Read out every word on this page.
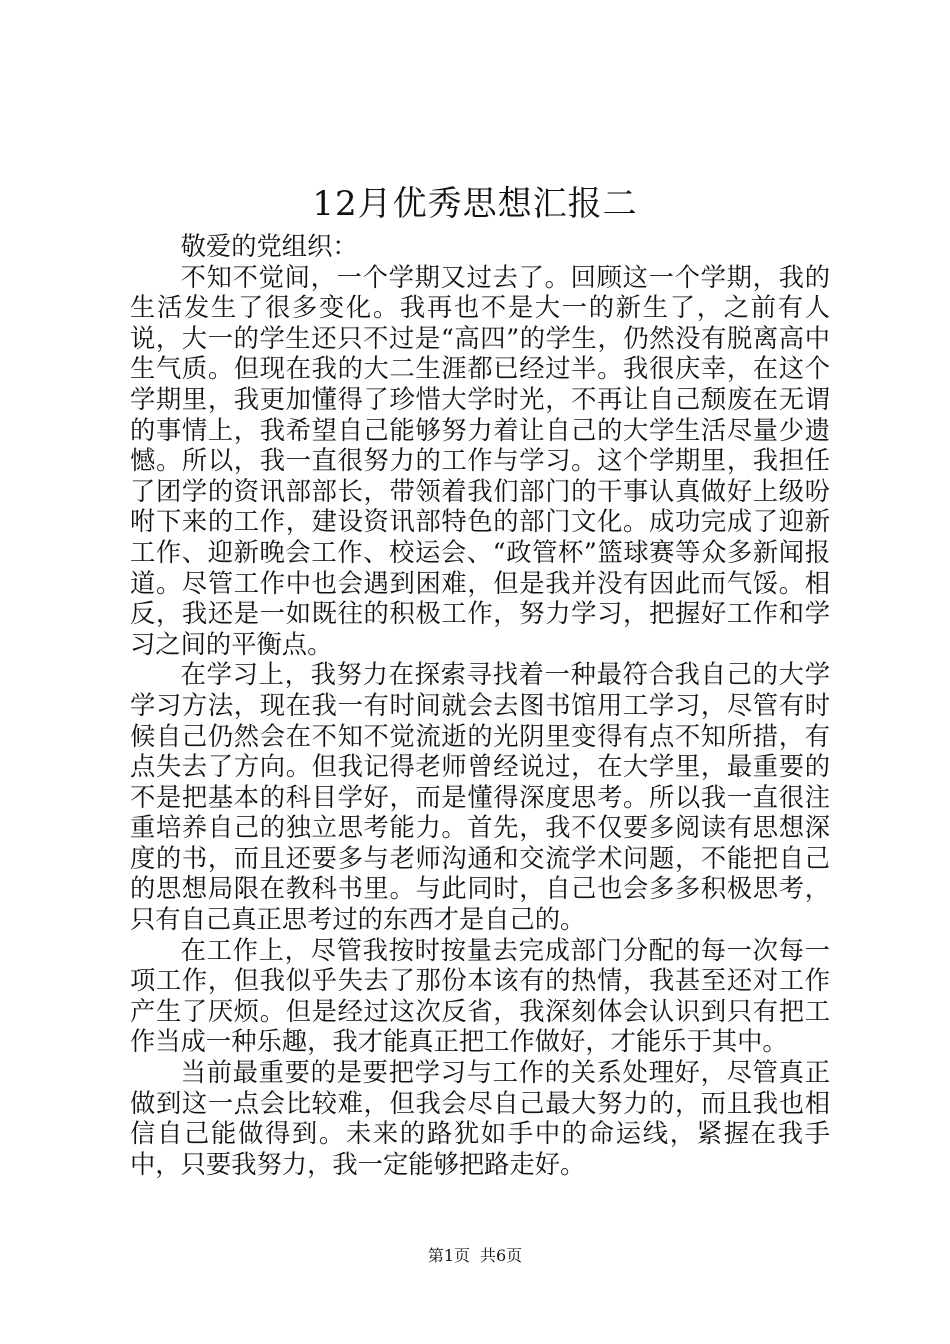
12月优秀思想汇报二

敬爱的党组织：

不知不觉间，一个学期又过去了。回顾这一个学期，我的生活发生了很多变化。我再也不是大一的新生了，之前有人说，大一的学生还只不过是“高四”的学生，仍然没有脱离高中生气质。但现在我的大二生涯都已经过半。我很庆幸，在这个学期里，我更加懂得了珍惜大学时光，不再让自己颓废在无谓的事情上，我希望自己能够努力着让自己的大学生活尽量少遗憾。所以，我一直很努力的工作与学习。这个学期里，我担任了团学的资讯部部长，带领着我们部门的干事认真做好上级吩咐下来的工作，建设资讯部特色的部门文化。成功完成了迎新工作、迎新晚会工作、校运会、“政管杯”篮球赛等众多新闻报道。尽管工作中也会遇到困难，但是我并没有因此而气馁。相反，我还是一如既往的积极工作，努力学习，把握好工作和学习之间的平衡点。

在学习上，我努力在探索寻找着一种最符合我自己的大学学习方法，现在我一有时间就会去图书馆用工学习，尽管有时候自己仍然会在不知不觉流逝的光阴里变得有点不知所措，有点失去了方向。但我记得老师曾经说过，在大学里，最重要的不是把基本的科目学好，而是懂得深度思考。所以我一直很注重培养自己的独立思考能力。首先，我不仅要多阅读有思想深度的书，而且还要多与老师沟通和交流学术问题，不能把自己的思想局限在教科书里。与此同时，自己也会多多积极思考，只有自己真正思考过的东西才是自己的。

在工作上，尽管我按时按量去完成部门分配的每一次每一项工作，但我似乎失去了那份本该有的热情，我甚至还对工作产生了厌烦。但是经过这次反省，我深刻体会认识到只有把工作当成一种乐趣，我才能真正把工作做好，才能乐于其中。

当前最重要的是要把学习与工作的关系处理好，尽管真正做到这一点会比较难，但我会尽自己最大努力的，而且我也相信自己能做得到。未来的路犹如手中的命运线，紧握在我手中，只要我努力，我一定能够把路走好。

第1页 共6页
